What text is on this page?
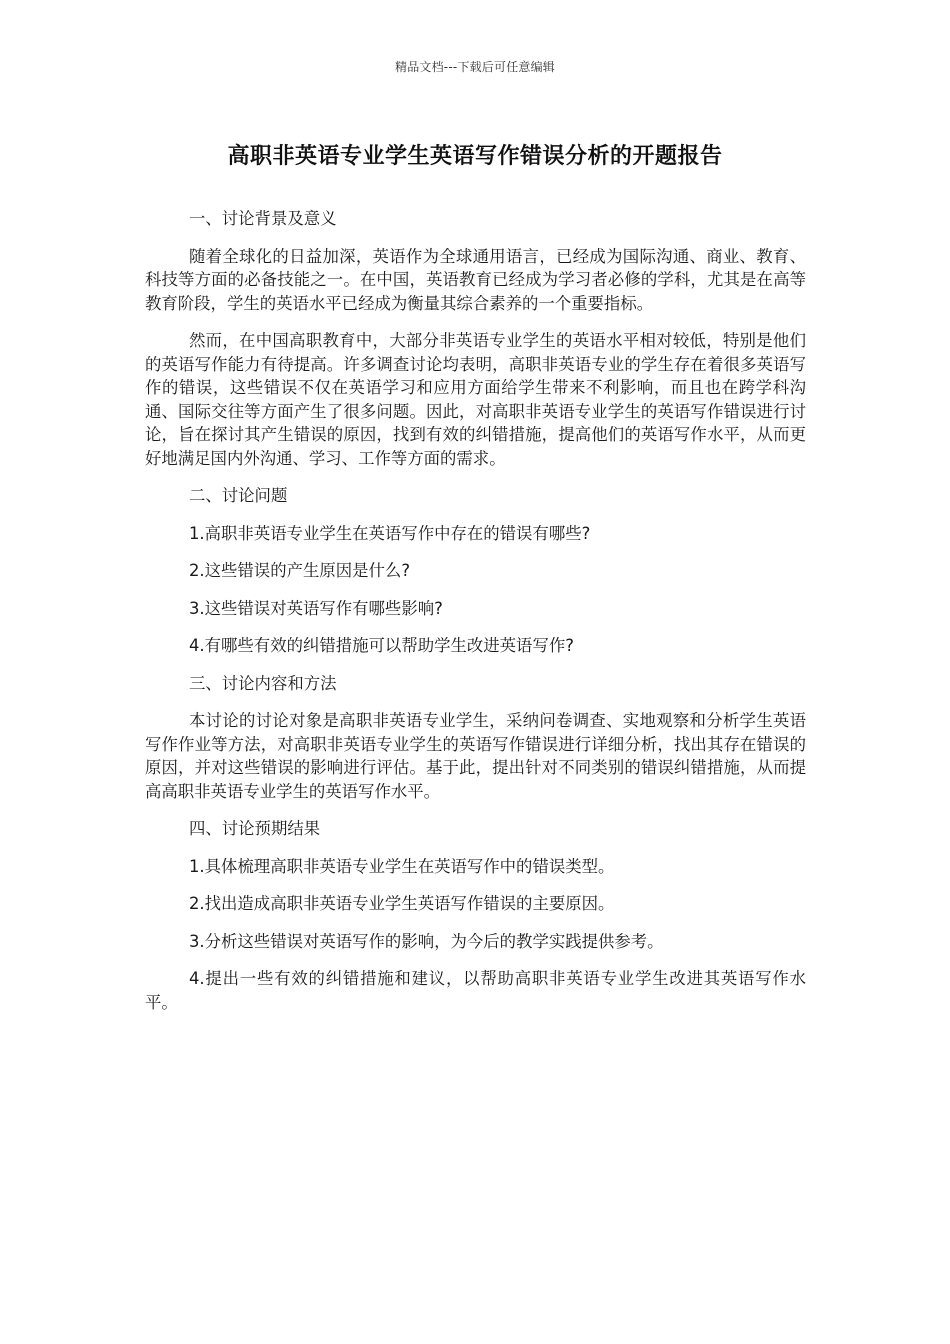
精品文档---下载后可任意编辑
高职非英语专业学生英语写作错误分析的开题报告

一、讨论背景及意义

随着全球化的日益加深，英语作为全球通用语言，已经成为国际沟通、商业、教育、科技等方面的必备技能之一。在中国，英语教育已经成为学习者必修的学科，尤其是在高等教育阶段，学生的英语水平已经成为衡量其综合素养的一个重要指标。

然而，在中国高职教育中，大部分非英语专业学生的英语水平相对较低，特别是他们的英语写作能力有待提高。许多调查讨论均表明，高职非英语专业的学生存在着很多英语写作的错误，这些错误不仅在英语学习和应用方面给学生带来不利影响，而且也在跨学科沟通、国际交往等方面产生了很多问题。因此，对高职非英语专业学生的英语写作错误进行讨论，旨在探讨其产生错误的原因，找到有效的纠错措施，提高他们的英语写作水平，从而更好地满足国内外沟通、学习、工作等方面的需求。

二、讨论问题

1.高职非英语专业学生在英语写作中存在的错误有哪些?

2.这些错误的产生原因是什么?

3.这些错误对英语写作有哪些影响?

4.有哪些有效的纠错措施可以帮助学生改进英语写作?

三、讨论内容和方法

本讨论的讨论对象是高职非英语专业学生，采纳问卷调查、实地观察和分析学生英语写作作业等方法，对高职非英语专业学生的英语写作错误进行详细分析，找出其存在错误的原因，并对这些错误的影响进行评估。基于此，提出针对不同类别的错误纠错措施，从而提高高职非英语专业学生的英语写作水平。

四、讨论预期结果

1.具体梳理高职非英语专业学生在英语写作中的错误类型。

2.找出造成高职非英语专业学生英语写作错误的主要原因。

3.分析这些错误对英语写作的影响，为今后的教学实践提供参考。

4.提出一些有效的纠错措施和建议，以帮助高职非英语专业学生改进其英语写作水平。
